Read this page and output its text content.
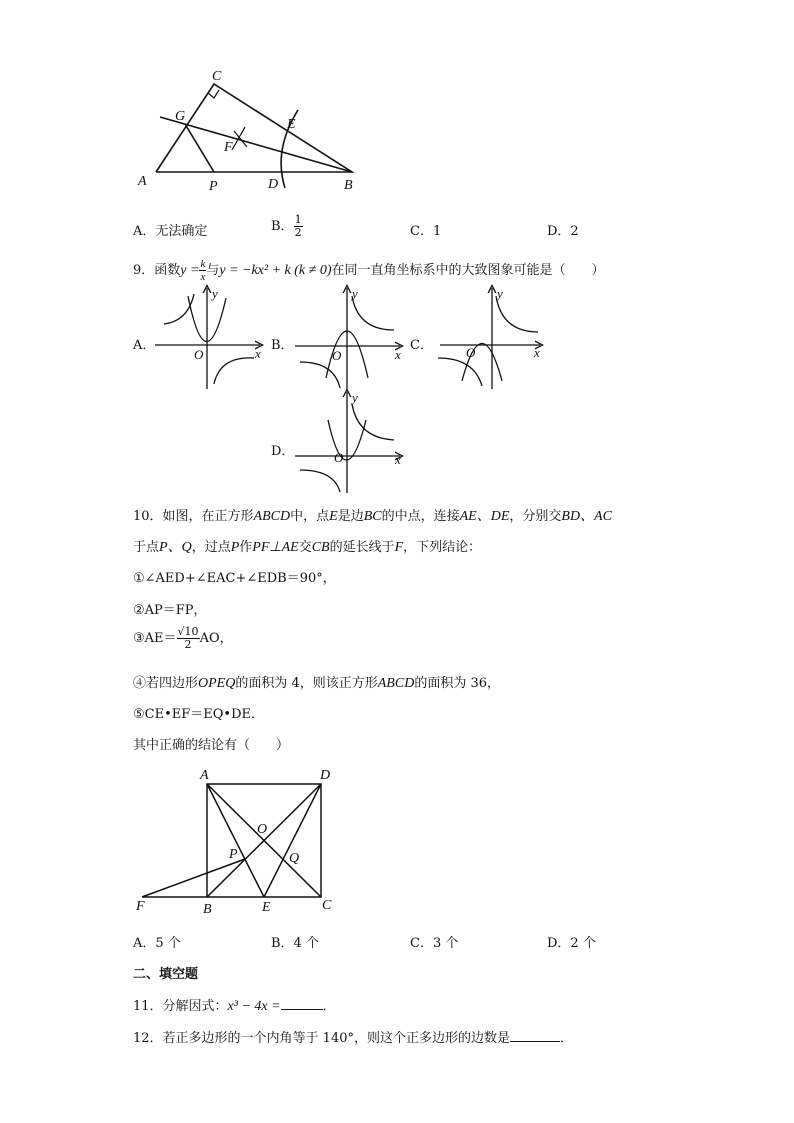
C
G
E
F
A	P	D	B
A．无法确定	B． $\frac{1}{2}$	C．1	D．2
9．函数$y = \frac{k}{x}$ 与y = −kx² + k (k ≠ 0)在同一直角坐标系中的大致图象可能是（　　）
A．	B．	C．
D．
y
x
O
y
x
O
y
x
O
y
x
O
10．如图，在正方形ABCD中，点E是边BC的中点，连接AE、DE，分别交BD、AC
于点P、Q，过点P作PF⊥AE交CB的延长线于F，下列结论：
①∠AED+∠EAC+∠EDB＝90°，
②AP＝FP，
③AE＝ $\frac{√10}{2}$ AO，
④若四边形OPEQ的面积为 4，则该正方形ABCD的面积为 36，
⑤CE•EF＝EQ•DE．
其中正确的结论有（　　）
A	D
O
P	Q
F	B	E	C
A．5 个	B．4 个	C．3 个	D．2 个
二、填空题
11．分解因式：x³ − 4x =	．
12．若正多边形的一个内角等于 140°，则这个正多边形的边数是	．
